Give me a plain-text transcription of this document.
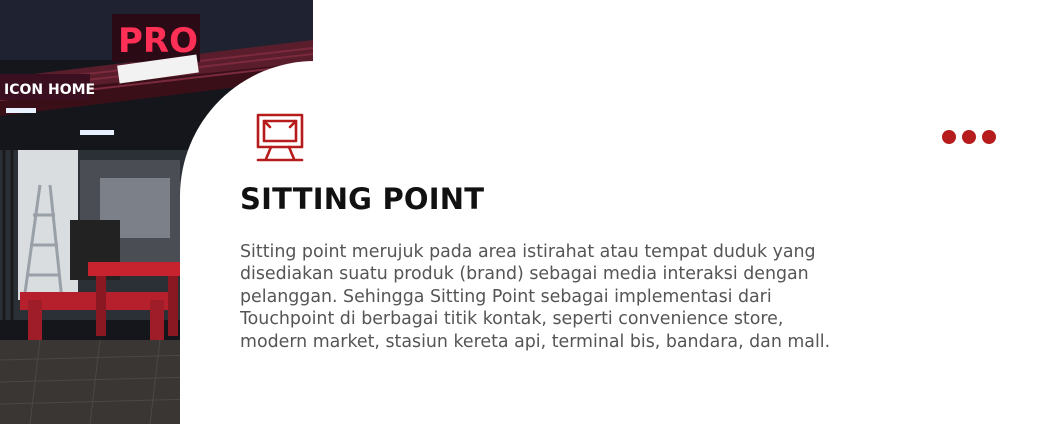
ICON HOME
PRO
SITTING POINT

Sitting point merujuk pada area istirahat atau tempat duduk yang
disediakan suatu produk (brand) sebagai media interaksi dengan
pelanggan. Sehingga Sitting Point sebagai implementasi dari
Touchpoint di berbagai titik kontak, seperti convenience store,
modern market, stasiun kereta api, terminal bis, bandara, dan mall.
